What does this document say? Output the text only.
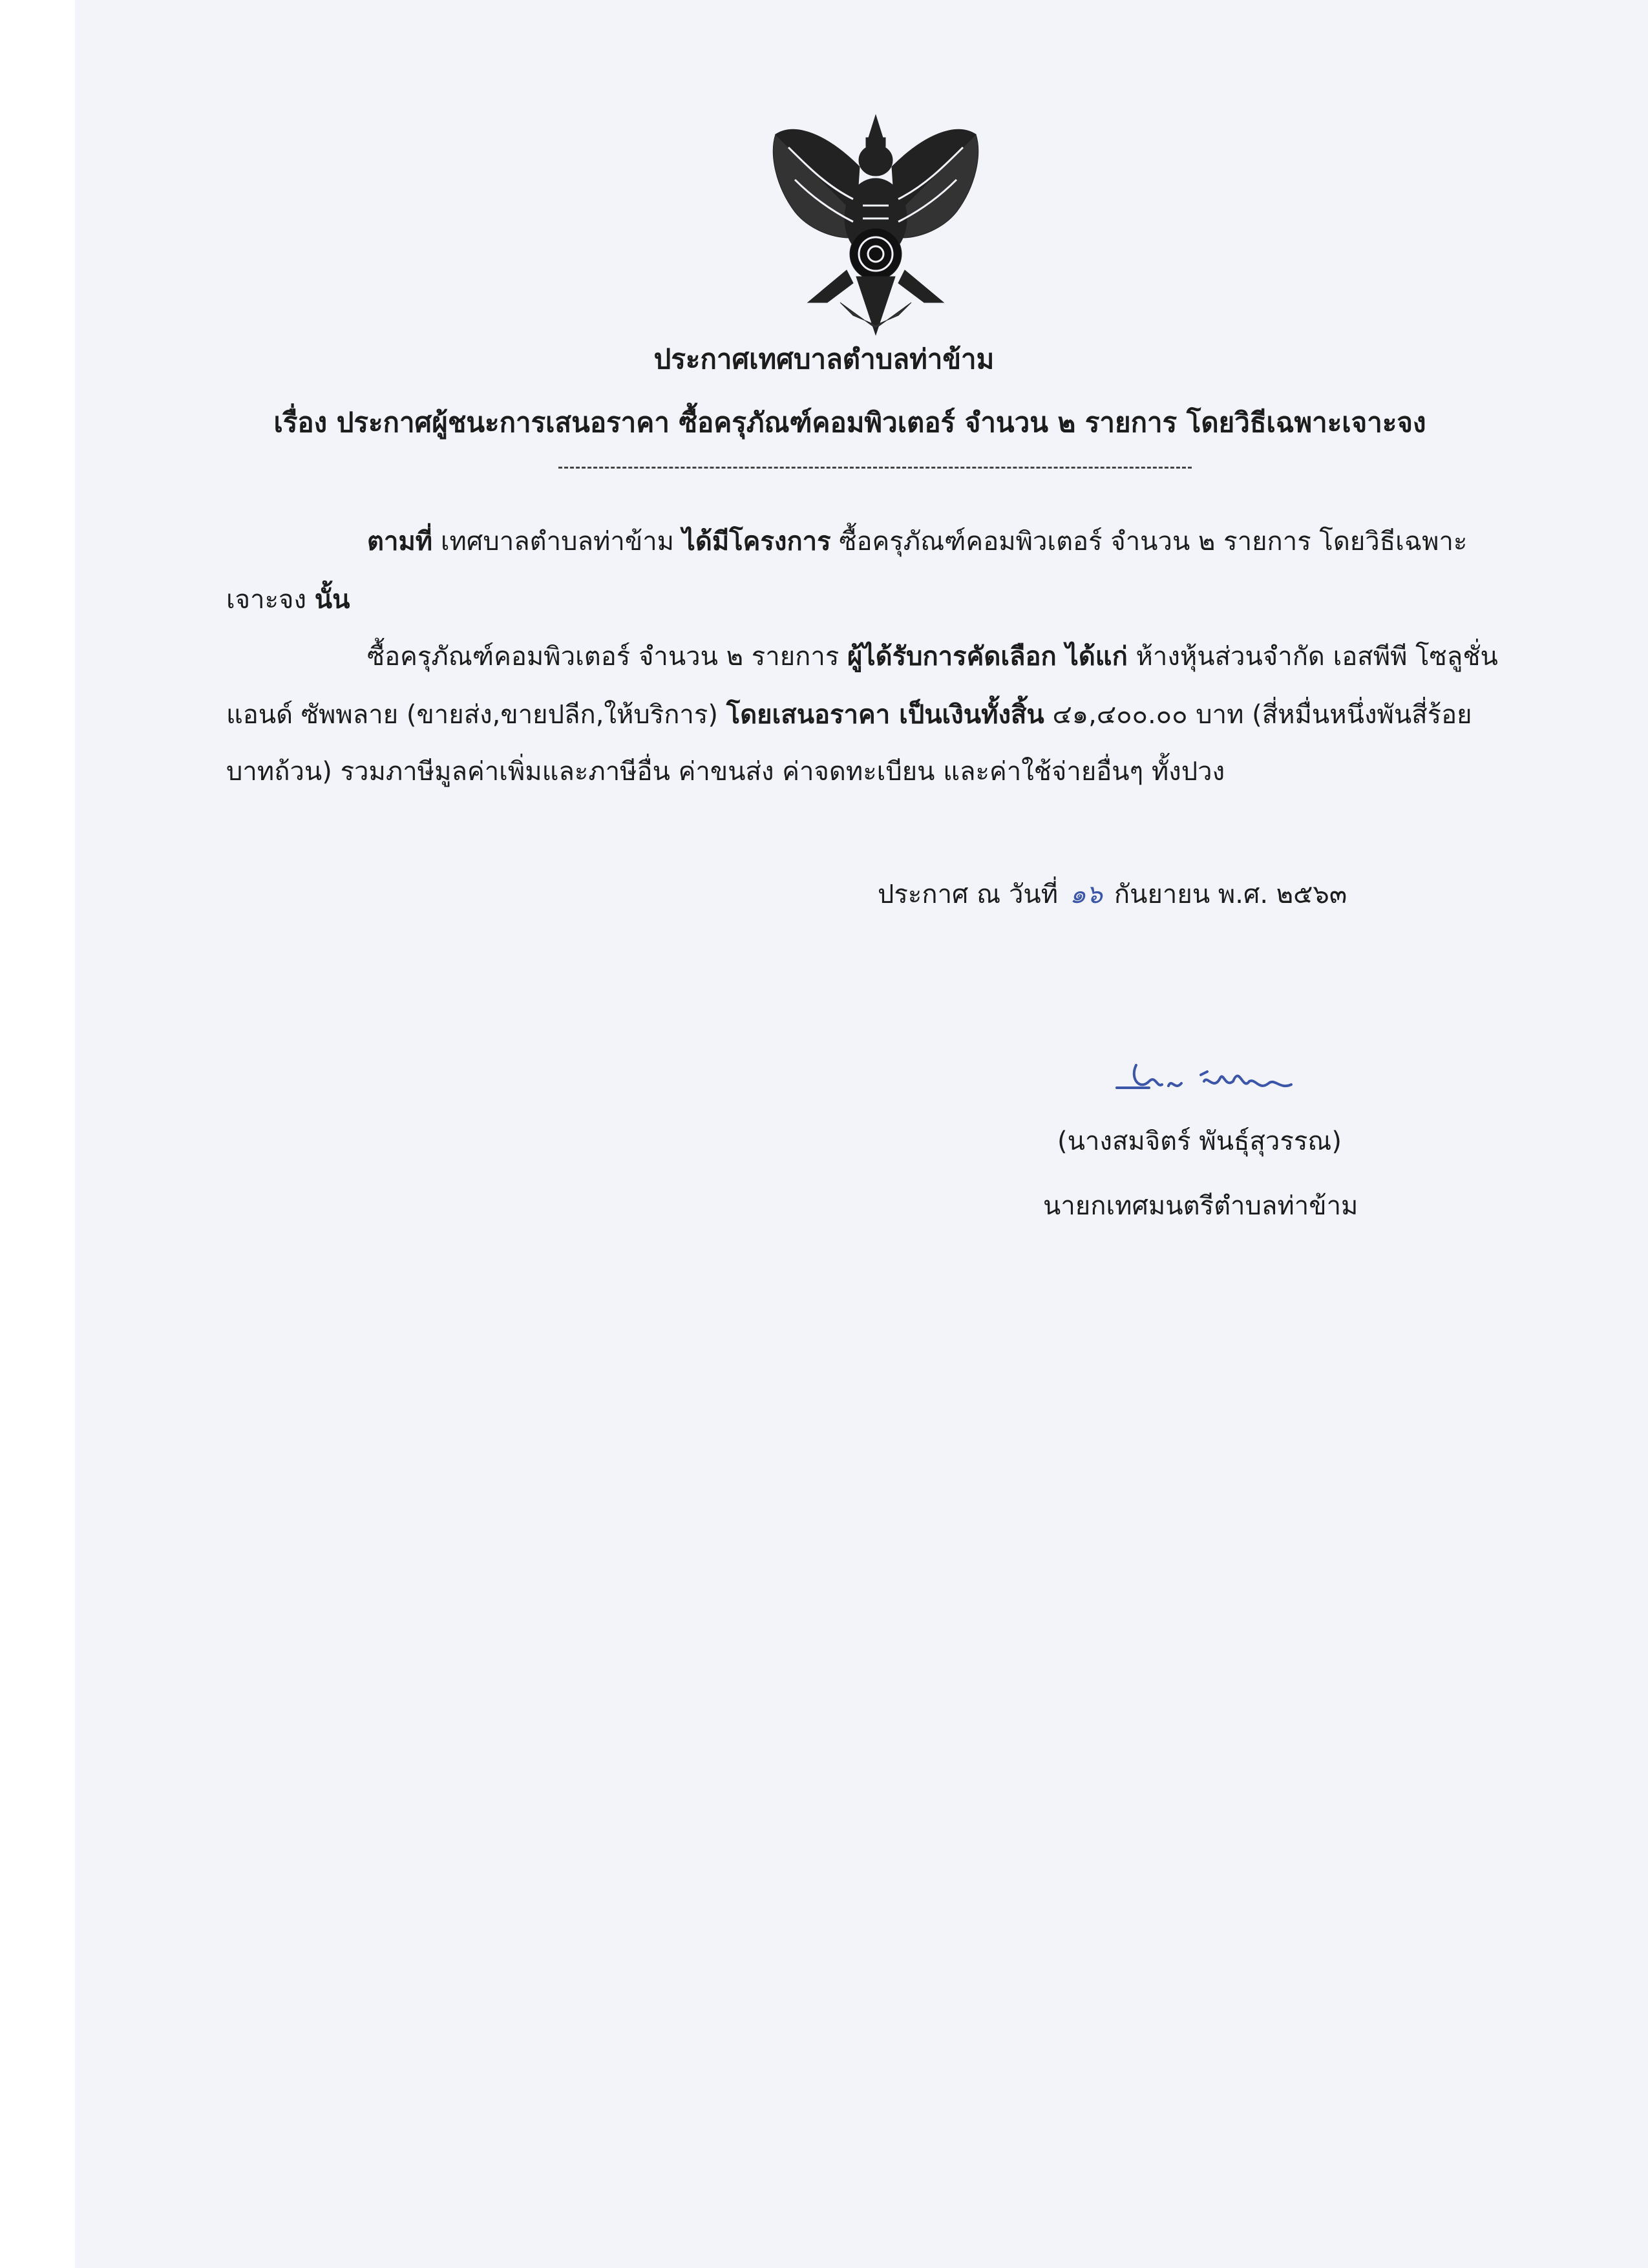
ประกาศเทศบาลตำบลท่าข้าม
เรื่อง ประกาศผู้ชนะการเสนอราคา ซื้อครุภัณฑ์คอมพิวเตอร์ จำนวน ๒ รายการ โดยวิธีเฉพาะเจาะจง
ตามที่ เทศบาลตำบลท่าข้าม ได้มีโครงการ ซื้อครุภัณฑ์คอมพิวเตอร์ จำนวน ๒ รายการ โดยวิธีเฉพาะ
เจาะจง นั้น
ซื้อครุภัณฑ์คอมพิวเตอร์ จำนวน ๒ รายการ ผู้ได้รับการคัดเลือก ได้แก่ ห้างหุ้นส่วนจำกัด เอสพีพี โซลูชั่น
แอนด์ ซัพพลาย (ขายส่ง,ขายปลีก,ให้บริการ) โดยเสนอราคา เป็นเงินทั้งสิ้น ๔๑,๔๐๐.๐๐ บาท (สี่หมื่นหนึ่งพันสี่ร้อย
บาทถ้วน) รวมภาษีมูลค่าเพิ่มและภาษีอื่น ค่าขนส่ง ค่าจดทะเบียน และค่าใช้จ่ายอื่นๆ ทั้งปวง
ประกาศ ณ วันที่ ๑๖ กันยายน พ.ศ. ๒๕๖๓
(นางสมจิตร์ พันธุ์สุวรรณ)
นายกเทศมนตรีตำบลท่าข้าม
